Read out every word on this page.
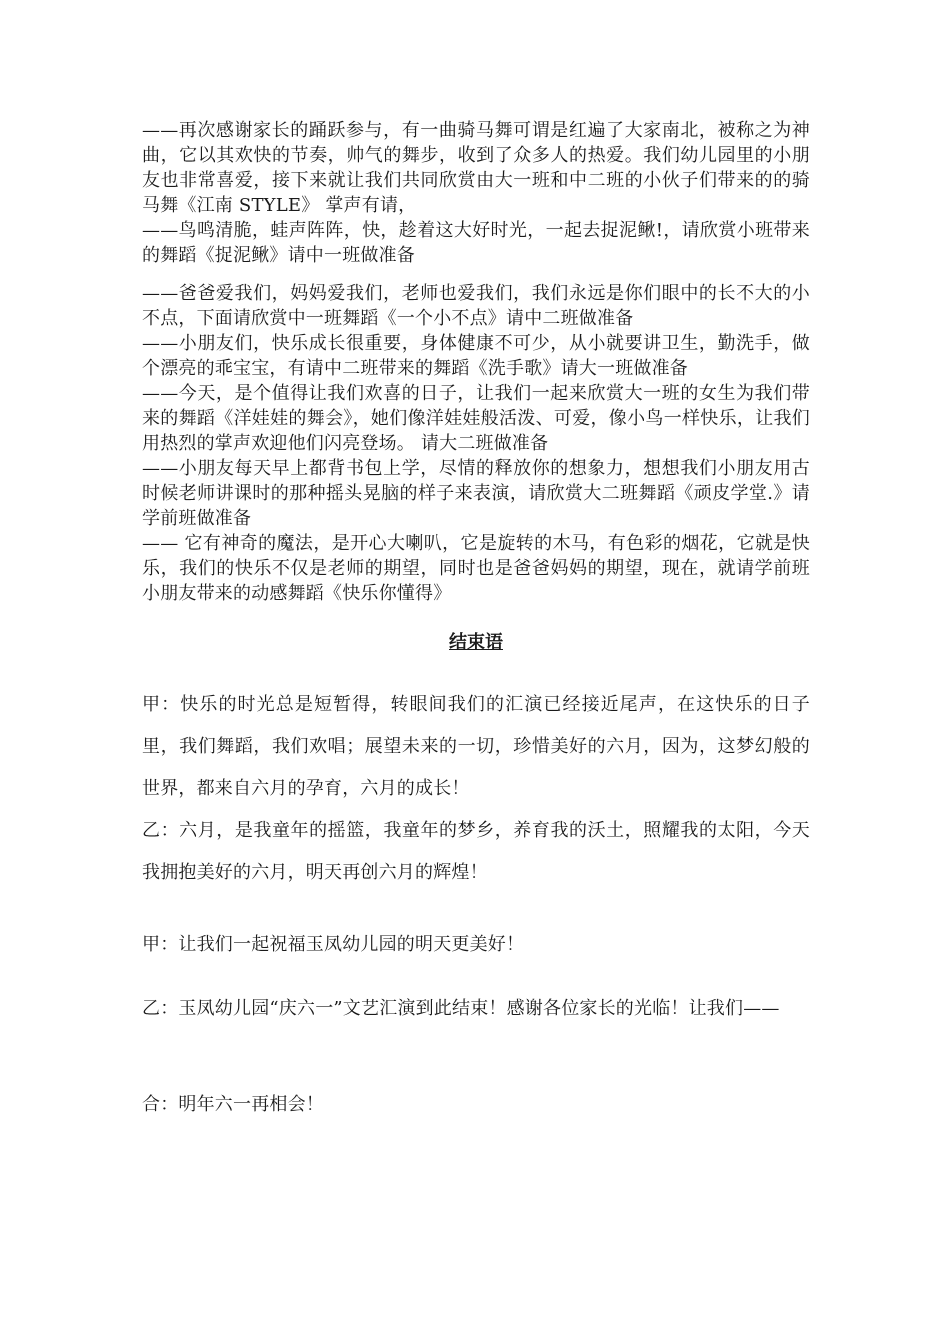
——再次感谢家长的踊跃参与，有一曲骑马舞可谓是红遍了大家南北，被称之为神曲，它以其欢快的节奏，帅气的舞步，收到了众多人的热爱。我们幼儿园里的小朋友也非常喜爱，接下来就让我们共同欣赏由大一班和中二班的小伙子们带来的的骑马舞《江南 STYLE》 掌声有请，

——鸟鸣清脆，蛙声阵阵，快，趁着这大好时光，一起去捉泥鳅!，请欣赏小班带来的舞蹈《捉泥鳅》请中一班做准备

——爸爸爱我们，妈妈爱我们，老师也爱我们，我们永远是你们眼中的长不大的小不点，下面请欣赏中一班舞蹈《一个小不点》请中二班做准备

——小朋友们，快乐成长很重要，身体健康不可少，从小就要讲卫生，勤洗手，做个漂亮的乖宝宝，有请中二班带来的舞蹈《洗手歌》请大一班做准备

——今天，是个值得让我们欢喜的日子，让我们一起来欣赏大一班的女生为我们带来的舞蹈《洋娃娃的舞会》，她们像洋娃娃般活泼、可爱，像小鸟一样快乐，让我们用热烈的掌声欢迎他们闪亮登场。 请大二班做准备

——小朋友每天早上都背书包上学，尽情的释放你的想象力，想想我们小朋友用古时候老师讲课时的那种摇头晃脑的样子来表演，请欣赏大二班舞蹈《顽皮学堂.》请学前班做准备

—— 它有神奇的魔法，是开心大喇叭，它是旋转的木马，有色彩的烟花，它就是快乐，我们的快乐不仅是老师的期望，同时也是爸爸妈妈的期望，现在，就请学前班小朋友带来的动感舞蹈《快乐你懂得》

结束语

甲：快乐的时光总是短暂得，转眼间我们的汇演已经接近尾声，在这快乐的日子里，我们舞蹈，我们欢唱；展望未来的一切，珍惜美好的六月，因为，这梦幻般的世界，都来自六月的孕育，六月的成长！

乙：六月，是我童年的摇篮，我童年的梦乡，养育我的沃土，照耀我的太阳，今天我拥抱美好的六月，明天再创六月的辉煌！

甲：让我们一起祝福玉凤幼儿园的明天更美好！

乙：玉凤幼儿园“庆六一”文艺汇演到此结束！感谢各位家长的光临！让我们——

合：明年六一再相会！
